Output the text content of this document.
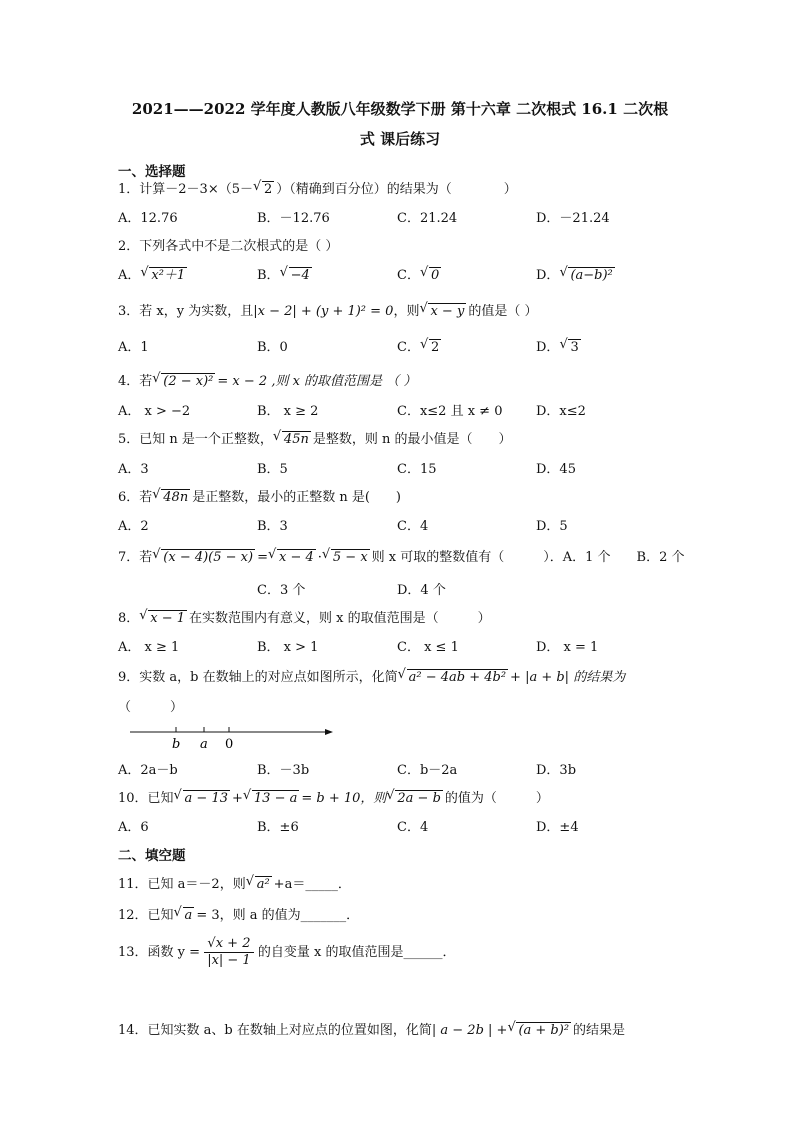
2021——2022 学年度人教版八年级数学下册 第十六章 二次根式 16.1 二次根
式 课后练习
一、选择题
1．计算－2－3×（5－ √ 2 ）（精确到百分位）的结果为（　　　　）
A．12.76	B．－12.76	C．21.24	D．－21.24
2．下列各式中不是二次根式的是（ ）
A． √ x²＋1	B． √ −4	C． √ 0	D． √ (a−b)²
3．若 x，y 为实数，且|x − 2| + (y + 1)² = 0，则 √ x − y 的值是（ ）
A．1	B．0	C． √ 2	D． √ 3
4．若 √ (2 − x)² = x − 2 ,则 x 的取值范围是 （ ）
A． x > −2	B． x ≥ 2	C．x≤2 且 x ≠ 0	D．x≤2
5．已知 n 是一个正整数， √ 45n 是整数，则 n 的最小值是（　　）
A．3	B．5	C．15	D．45
6．若 √ 48n 是正整数，最小的正整数 n 是(　　)
A．2	B．3	C．4	D．5
7．若 √ (x − 4)(5 − x) = √ x − 4 · √ 5 − x 则 x 可取的整数值有（　　　）．A．1 个　　B．2 个
C．3 个	D．4 个
8． √ x − 1 在实数范围内有意义，则 x 的取值范围是（　　　）
A． x ≥ 1	B． x > 1	C． x ≤ 1	D． x = 1
9．实数 a，b 在数轴上的对应点如图所示，化简 √ a² − 4ab + 4b² + |a + b| 的结果为
（　　　）
b a 0
A．2a－b	B．－3b	C．b－2a	D．3b
10．已知 √ a − 13 + √ 13 − a = b + 10，则 √ 2a − b 的值为（　　　）
A．6	B．±6	C．4	D．±4
二、填空题
11．已知 a＝－2，则 √ a² +a＝_____．
12．已知 √ a = 3，则 a 的值为_______．
13．函数 $y = \frac{√x + 2}{|x| - 1}$ 的自变量 x 的取值范围是______．
14．已知实数 a、b 在数轴上对应点的位置如图，化简| a − 2b | + √ (a + b)² 的结果是
